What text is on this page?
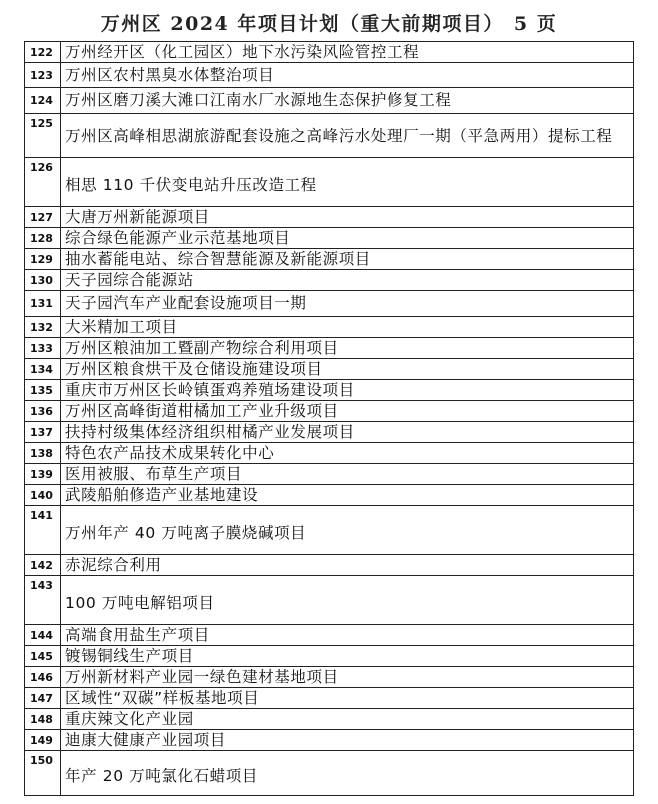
万州区 2024 年项目计划（重大前期项目） 5 页
122	万州经开区（化工园区）地下水污染风险管控工程
123	万州区农村黑臭水体整治项目
124	万州区磨刀溪大滩口江南水厂水源地生态保护修复工程
125	万州区高峰相思湖旅游配套设施之高峰污水处理厂一期（平急两用）提标工程
126	相思 110 千伏变电站升压改造工程
127	大唐万州新能源项目
128	综合绿色能源产业示范基地项目
129	抽水蓄能电站、综合智慧能源及新能源项目
130	天子园综合能源站
131	天子园汽车产业配套设施项目一期
132	大米精加工项目
133	万州区粮油加工暨副产物综合利用项目
134	万州区粮食烘干及仓储设施建设项目
135	重庆市万州区长岭镇蛋鸡养殖场建设项目
136	万州区高峰街道柑橘加工产业升级项目
137	扶持村级集体经济组织柑橘产业发展项目
138	特色农产品技术成果转化中心
139	医用被服、布草生产项目
140	武陵船舶修造产业基地建设
141	万州年产 40 万吨离子膜烧碱项目
142	赤泥综合利用
143	100 万吨电解铝项目
144	高端食用盐生产项目
145	镀锡铜线生产项目
146	万州新材料产业园一绿色建材基地项目
147	区域性“双碳”样板基地项目
148	重庆辣文化产业园
149	迪康大健康产业园项目
150	年产 20 万吨氯化石蜡项目
